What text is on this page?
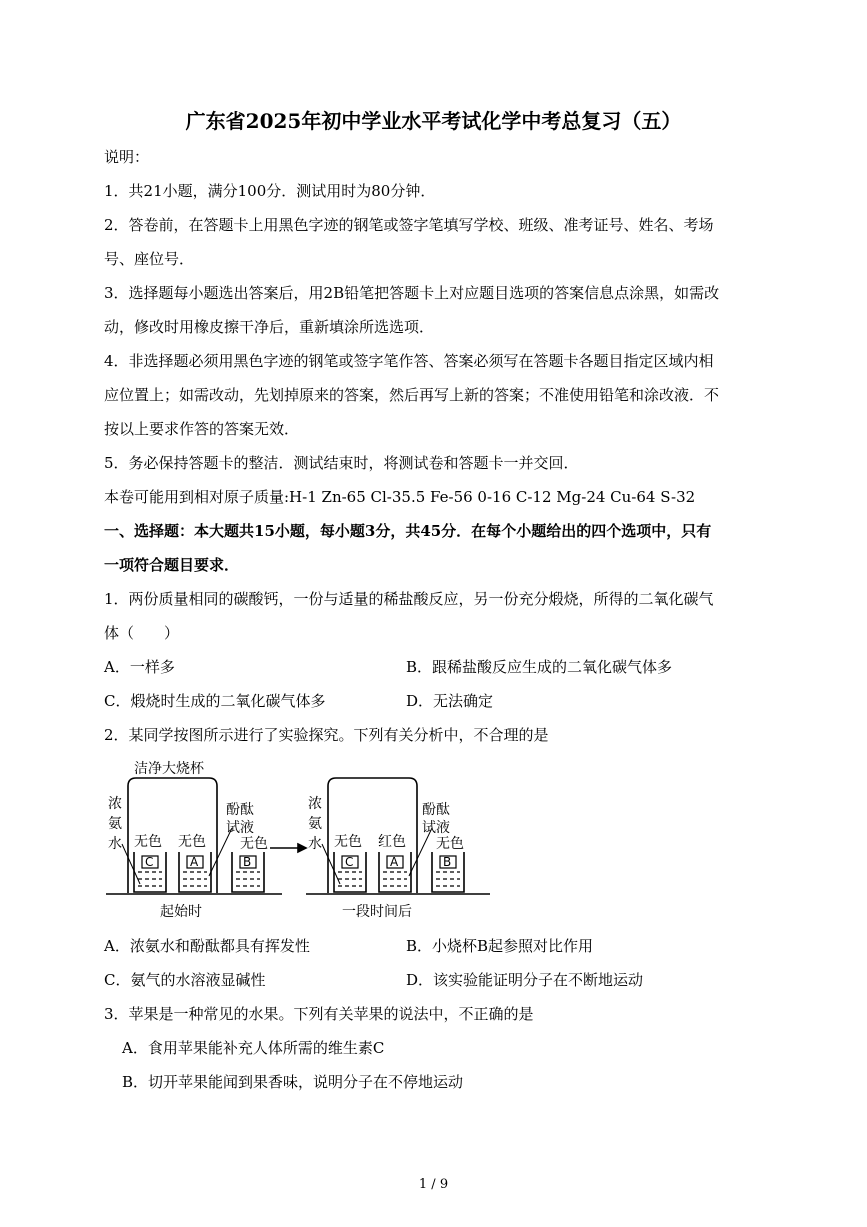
广东省2025年初中学业水平考试化学中考总复习（五）
说明：
1．共21小题，满分100分．测试用时为80分钟．
2．答卷前，在答题卡上用黑色字迹的钢笔或签字笔填写学校、班级、准考证号、姓名、考场
号、座位号．
3．选择题每小题选出答案后，用2B铅笔把答题卡上对应题目选项的答案信息点涂黑，如需改
动，修改时用橡皮擦干净后，重新填涂所选选项．
4．非选择题必须用黑色字迹的钢笔或签字笔作答、答案必须写在答题卡各题目指定区域内相
应位置上；如需改动，先划掉原来的答案，然后再写上新的答案；不准使用铅笔和涂改液．不
按以上要求作答的答案无效．
5．务必保持答题卡的整洁．测试结束时，将测试卷和答题卡一并交回．
本卷可能用到相对原子质量:H-1 Zn-65 Cl-35.5 Fe-56 0-16 C-12 Mg-24 Cu-64 S-32
一、选择题：本大题共15小题，每小题3分，共45分．在每个小题给出的四个选项中，只有
一项符合题目要求．
1．两份质量相同的碳酸钙，一份与适量的稀盐酸反应，另一份充分煅烧，所得的二氧化碳气
体（　　）
A．一样多	B．跟稀盐酸反应生成的二氧化碳气体多
C．煅烧时生成的二氧化碳气体多	D．无法确定
2．某同学按图所示进行了实验探究。下列有关分析中，不合理的是
洁净大烧杯
浓
氨
水
酚酞
试液
无色 无色 无色
C	A	B
起始时
浓
氨
水
酚酞
试液
无色 红色 无色
C	A	B
一段时间后
A．浓氨水和酚酞都具有挥发性	B．小烧杯B起参照对比作用
C．氨气的水溶液显碱性	D．该实验能证明分子在不断地运动
3．苹果是一种常见的水果。下列有关苹果的说法中，不正确的是
A．食用苹果能补充人体所需的维生素C
B．切开苹果能闻到果香味，说明分子在不停地运动
1 / 9
